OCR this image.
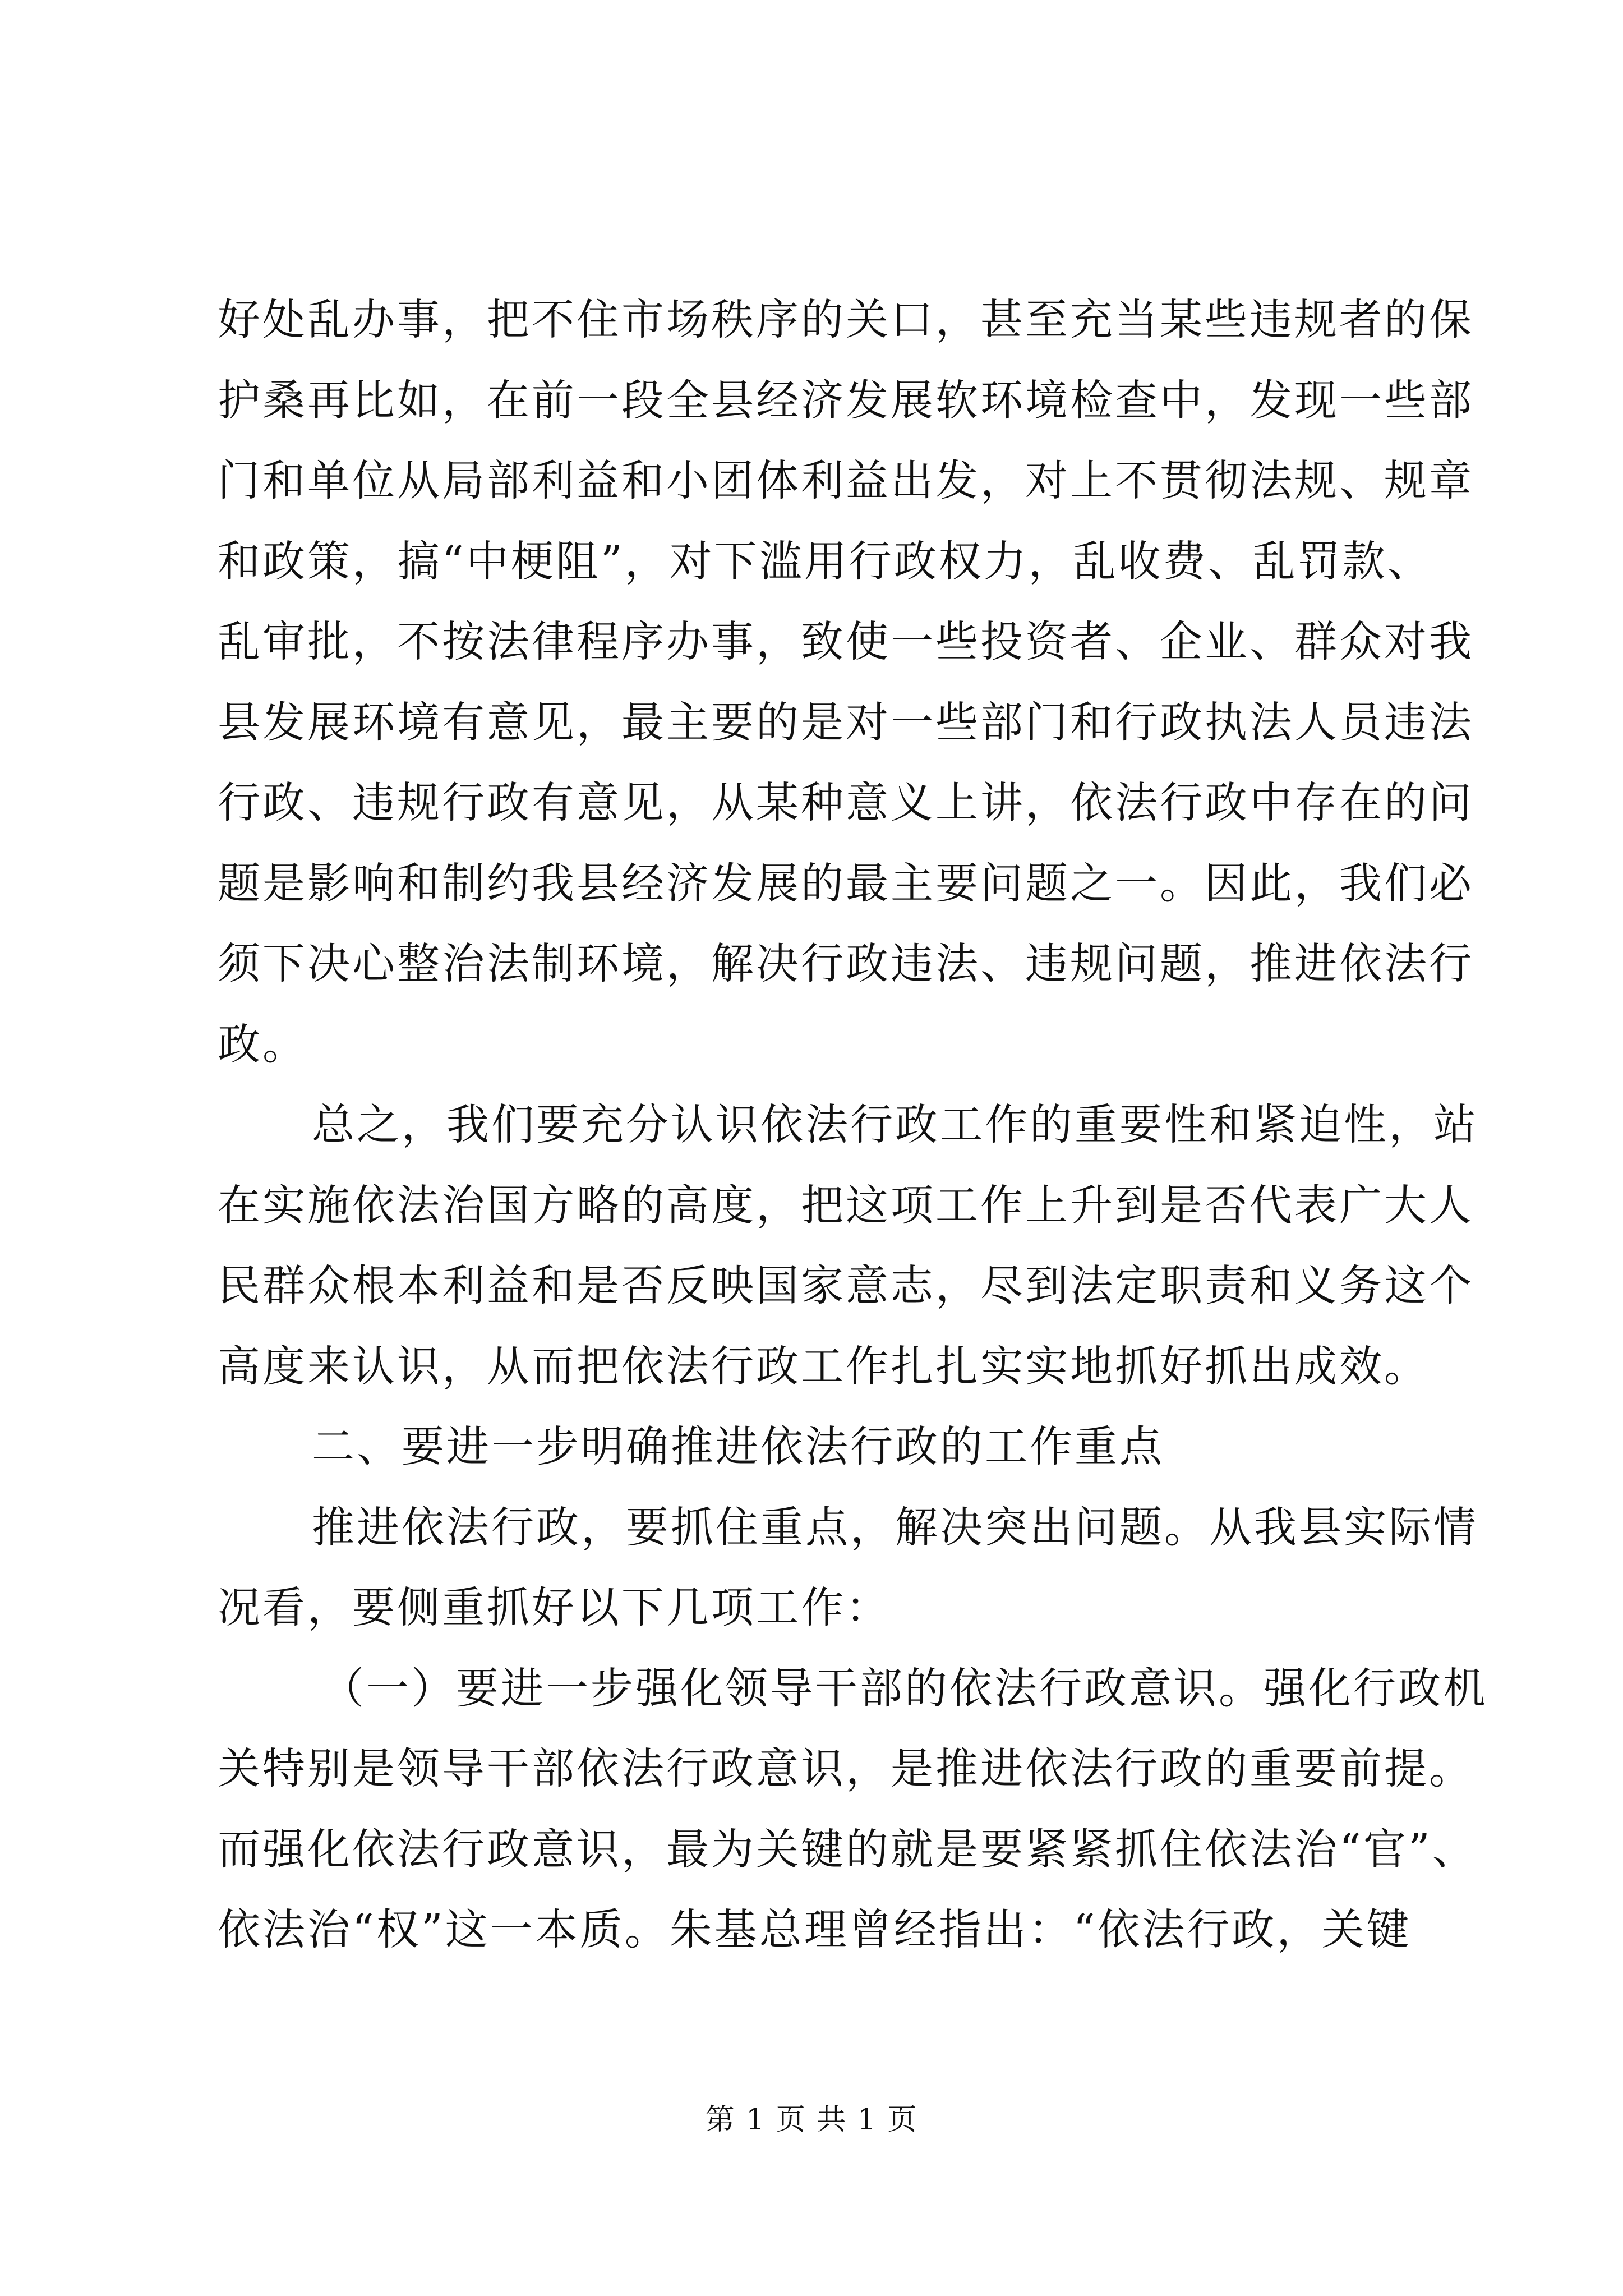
好处乱办事，把不住市场秩序的关口，甚至充当某些违规者的保
护桑再比如，在前一段全县经济发展软环境检查中，发现一些部
门和单位从局部利益和小团体利益出发，对上不贯彻法规、规章
和政策，搞“中梗阻”，对下滥用行政权力，乱收费、乱罚款、
乱审批，不按法律程序办事，致使一些投资者、企业、群众对我
县发展环境有意见，最主要的是对一些部门和行政执法人员违法
行政、违规行政有意见，从某种意义上讲，依法行政中存在的问
题是影响和制约我县经济发展的最主要问题之一。因此，我们必
须下决心整治法制环境，解决行政违法、违规问题，推进依法行
政。
总之，我们要充分认识依法行政工作的重要性和紧迫性，站
在实施依法治国方略的高度，把这项工作上升到是否代表广大人
民群众根本利益和是否反映国家意志，尽到法定职责和义务这个
高度来认识，从而把依法行政工作扎扎实实地抓好抓出成效。
二、要进一步明确推进依法行政的工作重点
推进依法行政，要抓住重点，解决突出问题。从我县实际情
况看，要侧重抓好以下几项工作：
（一）要进一步强化领导干部的依法行政意识。强化行政机
关特别是领导干部依法行政意识，是推进依法行政的重要前提。
而强化依法行政意识，最为关键的就是要紧紧抓住依法治“官”、
依法治“权”这一本质。朱基总理曾经指出：“依法行政，关键
第 1 页 共 1 页
